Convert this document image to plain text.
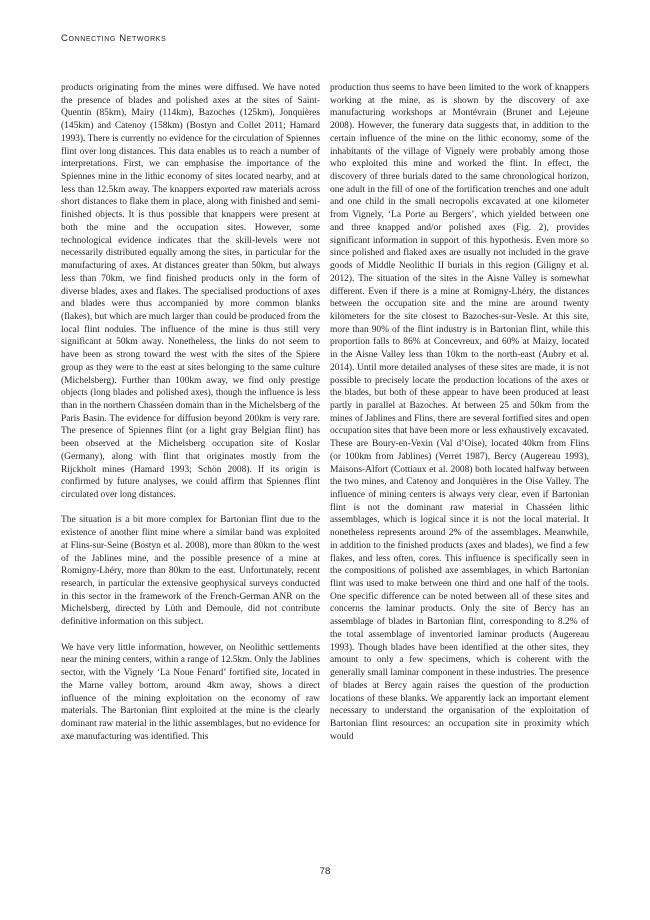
Connecting Networks

products originating from the mines were diffused. We have noted the presence of blades and polished axes at the sites of Saint-Quentin (85km), Mairy (114km), Bazoches (125km), Jonquières (145km) and Catenoy (158km) (Bostyn and Collet 2011; Hamard 1993). There is currently no evidence for the circulation of Spiennes flint over long distances. This data enables us to reach a number of interpretations. First, we can emphasise the importance of the Spiennes mine in the lithic economy of sites located nearby, and at less than 12.5km away. The knappers exported raw materials across short distances to flake them in place, along with finished and semi-finished objects. It is thus possible that knappers were present at both the mine and the occupation sites. However, some technological evidence indicates that the skill-levels were not necessarily distributed equally among the sites, in particular for the manufacturing of axes. At distances greater than 50km, but always less than 70km, we find finished products only in the form of diverse blades, axes and flakes. The specialised productions of axes and blades were thus accompanied by more common blanks (flakes), but which are much larger than could be produced from the local flint nodules. The influence of the mine is thus still very significant at 50km away. Nonetheless, the links do not seem to have been as strong toward the west with the sites of the Spiere group as they were to the east at sites belonging to the same culture (Michelsberg). Further than 100km away, we find only prestige objects (long blades and polished axes), though the influence is less than in the northern Chasséen domain than in the Michelsberg of the Paris Basin. The evidence for diffusion beyond 200km is very rare. The presence of Spiennes flint (or a light gray Belgian flint) has been observed at the Michelsberg occupation site of Koslar (Germany), along with flint that originates mostly from the Rijckholt mines (Hamard 1993; Schön 2008). If its origin is confirmed by future analyses, we could affirm that Spiennes flint circulated over long distances.

The situation is a bit more complex for Bartonian flint due to the existence of another flint mine where a similar band was exploited at Flins-sur-Seine (Bostyn et al. 2008), more than 80km to the west of the Jablines mine, and the possible presence of a mine at Romigny-Lhéry, more than 80km to the east. Unfortunately, recent research, in particular the extensive geophysical surveys conducted in this sector in the framework of the French-German ANR on the Michelsberg, directed by Lüth and Demoule, did not contribute definitive information on this subject.

We have very little information, however, on Neolithic settlements near the mining centers, within a range of 12.5km. Only the Jablines sector, with the Vignely ‘La Noue Fenard’ fortified site, located in the Marne valley bottom, around 4km away, shows a direct influence of the mining exploitation on the economy of raw materials. The Bartonian flint exploited at the mine is the clearly dominant raw material in the lithic assemblages, but no evidence for axe manufacturing was identified. This

production thus seems to have been limited to the work of knappers working at the mine, as is shown by the discovery of axe manufacturing workshops at Montévrain (Brunet and Lejeune 2008). However, the funerary data suggests that, in addition to the certain influence of the mine on the lithic economy, some of the inhabitants of the village of Vignely were probably among those who exploited this mine and worked the flint. In effect, the discovery of three burials dated to the same chronological horizon, one adult in the fill of one of the fortification trenches and one adult and one child in the small necropolis excavated at one kilometer from Vignely, ‘La Porte au Bergers’, which yielded between one and three knapped and/or polished axes (Fig. 2), provides significant information in support of this hypothesis. Even more so since polished and flaked axes are usually not included in the grave goods of Middle Neolithic II burials in this region (Giligny et al. 2012). The situation of the sites in the Aisne Valley is somewhat different. Even if there is a mine at Romigny-Lhéry, the distances between the occupation site and the mine are around twenty kilometers for the site closest to Bazoches-sur-Vesle. At this site, more than 90% of the flint industry is in Bartonian flint, while this proportion falls to 86% at Concevreux, and 60% at Maizy, located in the Aisne Valley less than 10km to the north-east (Aubry et al. 2014). Until more detailed analyses of these sites are made, it is not possible to precisely locate the production locations of the axes or the blades, but both of these appear to have been produced at least partly in parallel at Bazoches. At between 25 and 50km from the mines of Jablines and Flins, there are several fortified sites and open occupation sites that have been more or less exhaustively excavated. These are Boury-en-Vexin (Val d’Oise), located 40km from Flins (or 100km from Jablines) (Verret 1987), Bercy (Augereau 1993), Maisons-Alfort (Cottiaux et al. 2008) both located halfway between the two mines, and Catenoy and Jonquières in the Oise Valley. The influence of mining centers is always very clear, even if Bartonian flint is not the dominant raw material in Chasséen lithic assemblages, which is logical since it is not the local material. It nonetheless represents around 2% of the assemblages. Meanwhile, in addition to the finished products (axes and blades), we find a few flakes, and less often, cores. This influence is specifically seen in the compositions of polished axe assemblages, in which Bartonian flint was used to make between one third and one half of the tools. One specific difference can be noted between all of these sites and concerns the laminar products. Only the site of Bercy has an assemblage of blades in Bartonian flint, corresponding to 8.2% of the total assemblage of inventoried laminar products (Augereau 1993). Though blades have been identified at the other sites, they amount to only a few specimens, which is coherent with the generally small laminar component in these industries. The presence of blades at Bercy again raises the question of the production locations of these blanks. We apparently lack an important element necessary to understand the organisation of the exploitation of Bartonian flint resources: an occupation site in proximity which would

78
